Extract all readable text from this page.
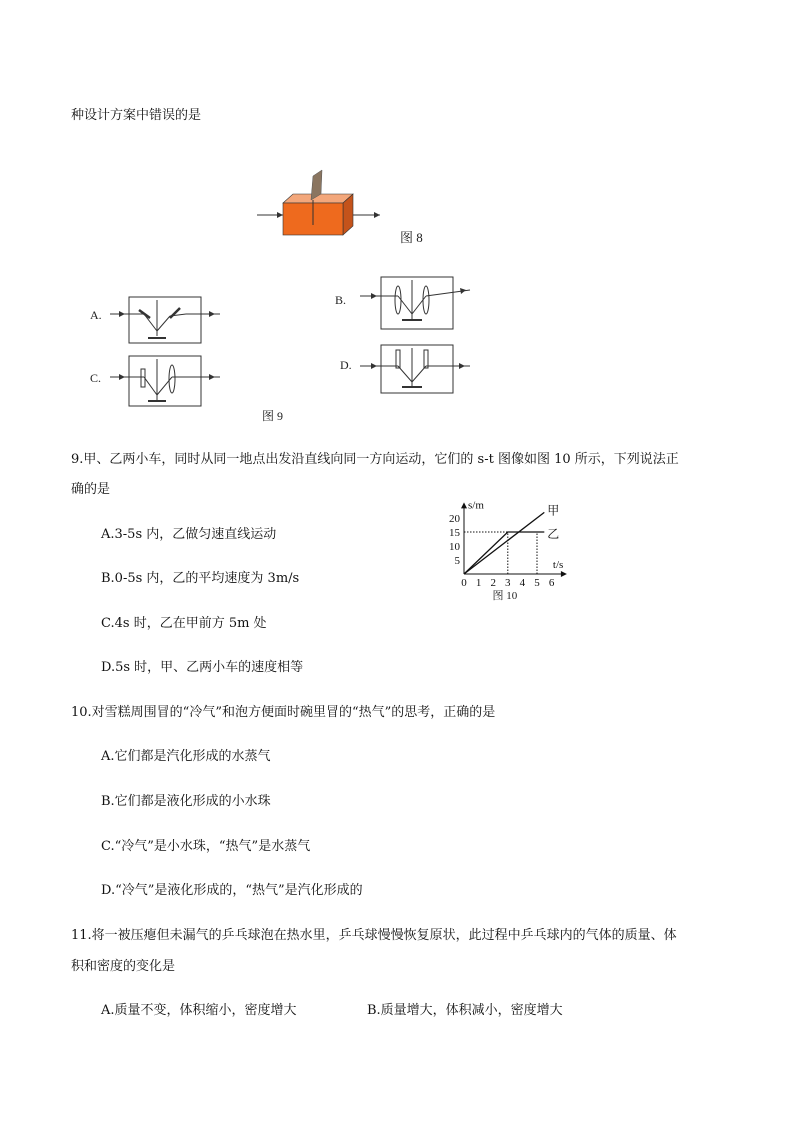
种设计方案中错误的是
图 8
A.
B.
C.
D.
图 9
9.甲、乙两小车，同时从同一地点出发沿直线向同一方向运动，它们的 s-t 图像如图 10 所示，下列说法正
确的是
A.3-5s 内，乙做匀速直线运动
B.0-5s 内，乙的平均速度为 3m/s
C.4s 时，乙在甲前方 5m 处
D.5s 时，甲、乙两小车的速度相等
s/m
t/s
0 1 2 3 4 5 6
5
10
15
20
甲
乙
图 10
10.对雪糕周围冒的“冷气”和泡方便面时碗里冒的“热气”的思考，正确的是
A.它们都是汽化形成的水蒸气
B.它们都是液化形成的小水珠
C.“冷气”是小水珠，“热气”是水蒸气
D.“冷气”是液化形成的，“热气”是汽化形成的
11.将一被压瘪但未漏气的乒乓球泡在热水里，乒乓球慢慢恢复原状，此过程中乒乓球内的气体的质量、体
积和密度的变化是
A.质量不变，体积缩小，密度增大	B.质量增大，体积减小，密度增大
